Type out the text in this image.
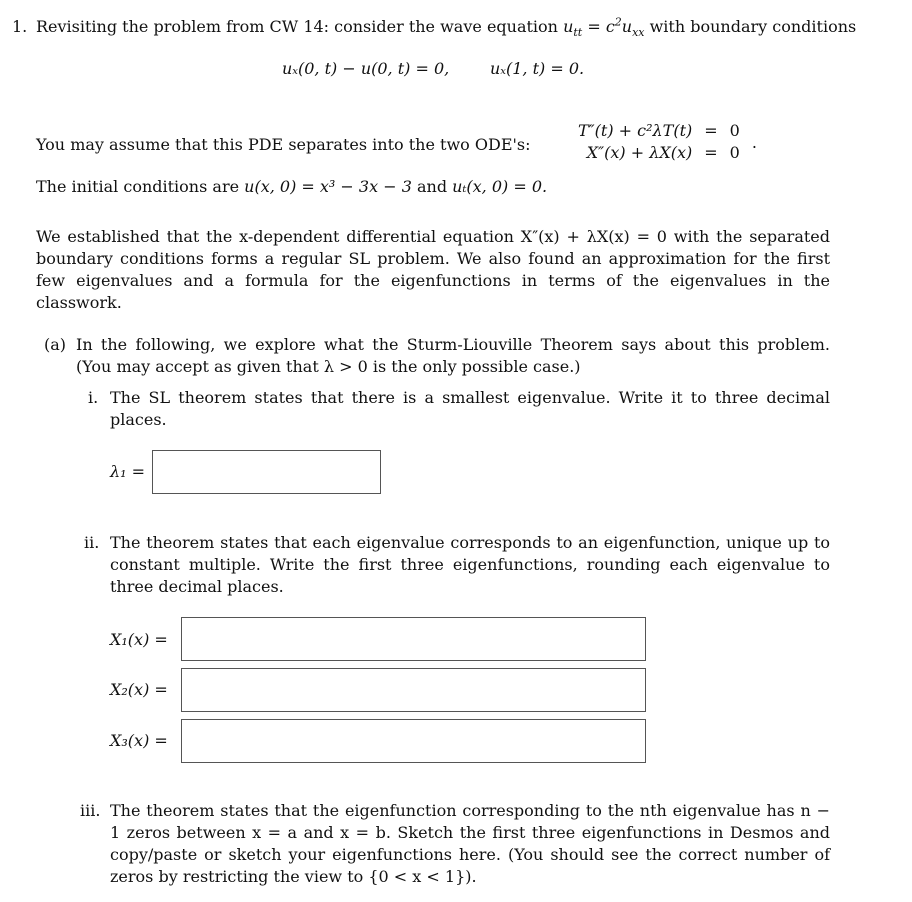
1. Revisiting the problem from CW 14: consider the wave equation $u_{tt} = c^2u_{xx}$ with boundary conditions
uₓ(0, t) − u(0, t) = 0,	uₓ(1, t) = 0.
You may assume that this PDE separates into the two ODE's:
T″(t) + c²λT(t)	=	0	
X″(x) + λX(x)	=	0	.
The initial conditions are u(x, 0) = x³ − 3x − 3 and uₜ(x, 0) = 0.
We established that the x-dependent differential equation X″(x) + λX(x) = 0 with the separated boundary conditions forms a regular SL problem. We also found an approximation for the first few eigenvalues and a formula for the eigenfunctions in terms of the eigenvalues in the classwork.
(a) In the following, we explore what the Sturm-Liouville Theorem says about this problem. (You may accept as given that λ > 0 is the only possible case.)
i. The SL theorem states that there is a smallest eigenvalue. Write it to three decimal places.
λ₁ =
ii. The theorem states that each eigenvalue corresponds to an eigenfunction, unique up to constant multiple. Write the first three eigenfunctions, rounding each eigenvalue to three decimal places.
X₁(x) =
X₂(x) =
X₃(x) =
iii. The theorem states that the eigenfunction corresponding to the nth eigenvalue has n − 1 zeros between x = a and x = b. Sketch the first three eigenfunctions in Desmos and copy/paste or sketch your eigenfunctions here. (You should see the correct number of zeros by restricting the view to {0 < x < 1}).
